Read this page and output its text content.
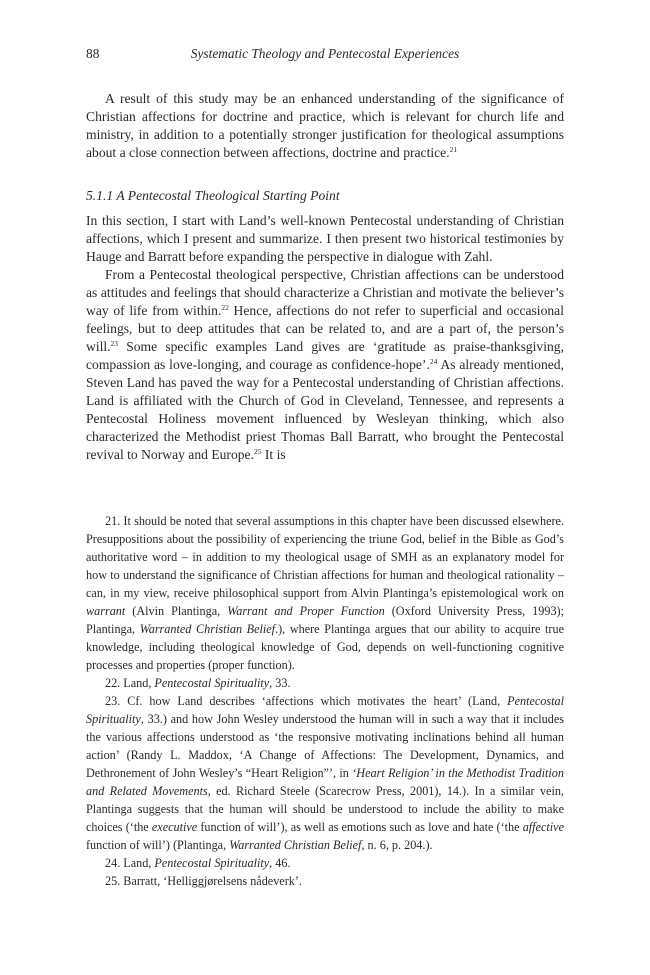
88	Systematic Theology and Pentecostal Experiences

A result of this study may be an enhanced understanding of the significance of Christian affections for doctrine and practice, which is relevant for church life and ministry, in addition to a potentially stronger justification for theological assumptions about a close connection between affections, doctrine and practice.$^{21}$

5.1.1 A Pentecostal Theological Starting Point

In this section, I start with Land’s well-known Pentecostal understanding of Christian affections, which I present and summarize. I then present two historical testimonies by Hauge and Barratt before expanding the perspective in dialogue with Zahl.

From a Pentecostal theological perspective, Christian affections can be understood as attitudes and feelings that should characterize a Christian and motivate the believer’s way of life from within.$^{22}$ Hence, affections do not refer to superficial and occasional feelings, but to deep attitudes that can be related to, and are a part of, the person’s will.$^{23}$ Some specific examples Land gives are ‘gratitude as praise-thanksgiving, compassion as love-longing, and courage as confidence-hope’.$^{24}$ As already mentioned, Steven Land has paved the way for a Pentecostal understanding of Christian affections. Land is affiliated with the Church of God in Cleveland, Tennessee, and represents a Pentecostal Holiness movement influenced by Wesleyan thinking, which also characterized the Methodist priest Thomas Ball Barratt, who brought the Pentecostal revival to Norway and Europe.$^{25}$ It is

21. It should be noted that several assumptions in this chapter have been discussed elsewhere. Presuppositions about the possibility of experiencing the triune God, belief in the Bible as God’s authoritative word – in addition to my theological usage of SMH as an explanatory model for how to understand the significance of Christian affections for human and theological rationality – can, in my view, receive philosophical support from Alvin Plantinga’s epistemological work on warrant (Alvin Plantinga, Warrant and Proper Function (Oxford University Press, 1993); Plantinga, Warranted Christian Belief.), where Plantinga argues that our ability to acquire true knowledge, including theological knowledge of God, depends on well-functioning cognitive processes and properties (proper function).

22. Land, Pentecostal Spirituality, 33.

23. Cf. how Land describes ‘affections which motivates the heart’ (Land, Pentecostal Spirituality, 33.) and how John Wesley understood the human will in such a way that it includes the various affections understood as ‘the responsive motivating inclinations behind all human action’ (Randy L. Maddox, ‘A Change of Affections: The Development, Dynamics, and Dethronement of John Wesley’s “Heart Religion”’, in ‘Heart Religion’ in the Methodist Tradition and Related Movements, ed. Richard Steele (Scarecrow Press, 2001), 14.). In a similar vein, Plantinga suggests that the human will should be understood to include the ability to make choices (‘the executive function of will’), as well as emotions such as love and hate (‘the affective function of will’) (Plantinga, Warranted Christian Belief, n. 6, p. 204.).

24. Land, Pentecostal Spirituality, 46.

25. Barratt, ‘Helliggjørelsens nådeverk’.
